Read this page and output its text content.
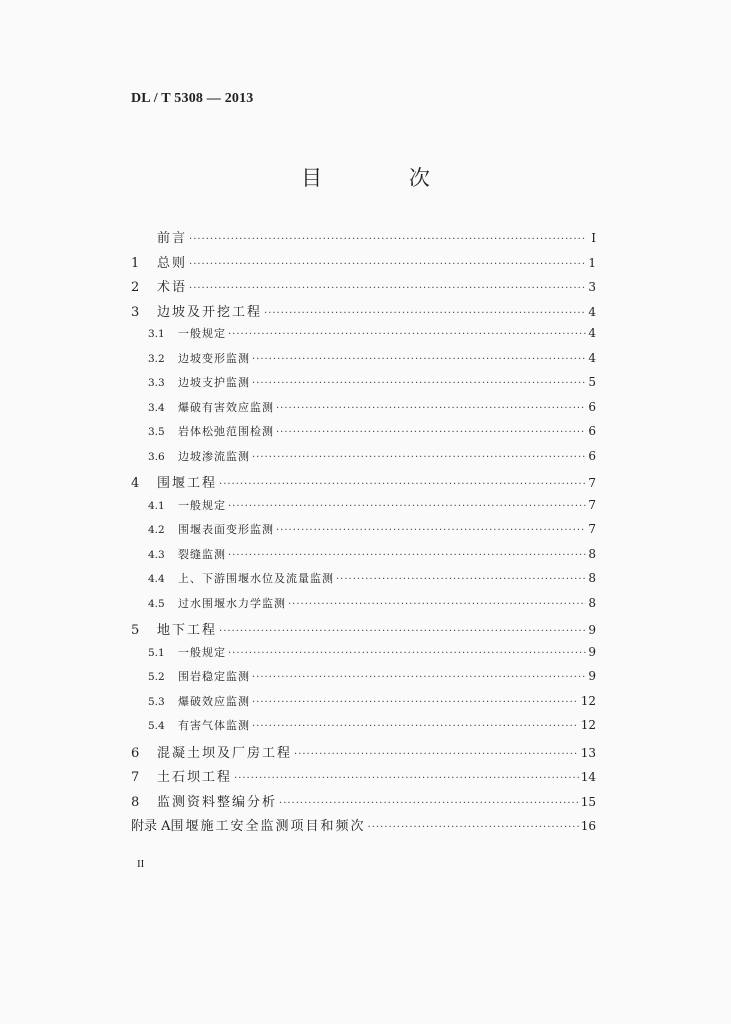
DL / T 5308 — 2013
目 次
前言 ·····	I
1	总则 ·····	1
2	术语 ·····	3
3	边坡及开挖工程 ·····	4
3.1	一般规定 ·····	4
3.2	边坡变形监测 ·····	4
3.3	边坡支护监测 ·····	5
3.4	爆破有害效应监测 ·····	6
3.5	岩体松弛范围检测 ·····	6
3.6	边坡渗流监测 ·····	6
4	围堰工程 ·····	7
4.1	一般规定 ·····	7
4.2	围堰表面变形监测 ·····	7
4.3	裂缝监测 ·····	8
4.4	上、下游围堰水位及流量监测 ·····	8
4.5	过水围堰水力学监测 ·····	8
5	地下工程 ·····	9
5.1	一般规定 ·····	9
5.2	围岩稳定监测 ·····	9
5.3	爆破效应监测 ·····	12
5.4	有害气体监测 ·····	12
6	混凝土坝及厂房工程 ·····	13
7	土石坝工程 ·····	14
8	监测资料整编分析 ·····	15
附录 A 围堰施工安全监测项目和频次 ·····	16
II
